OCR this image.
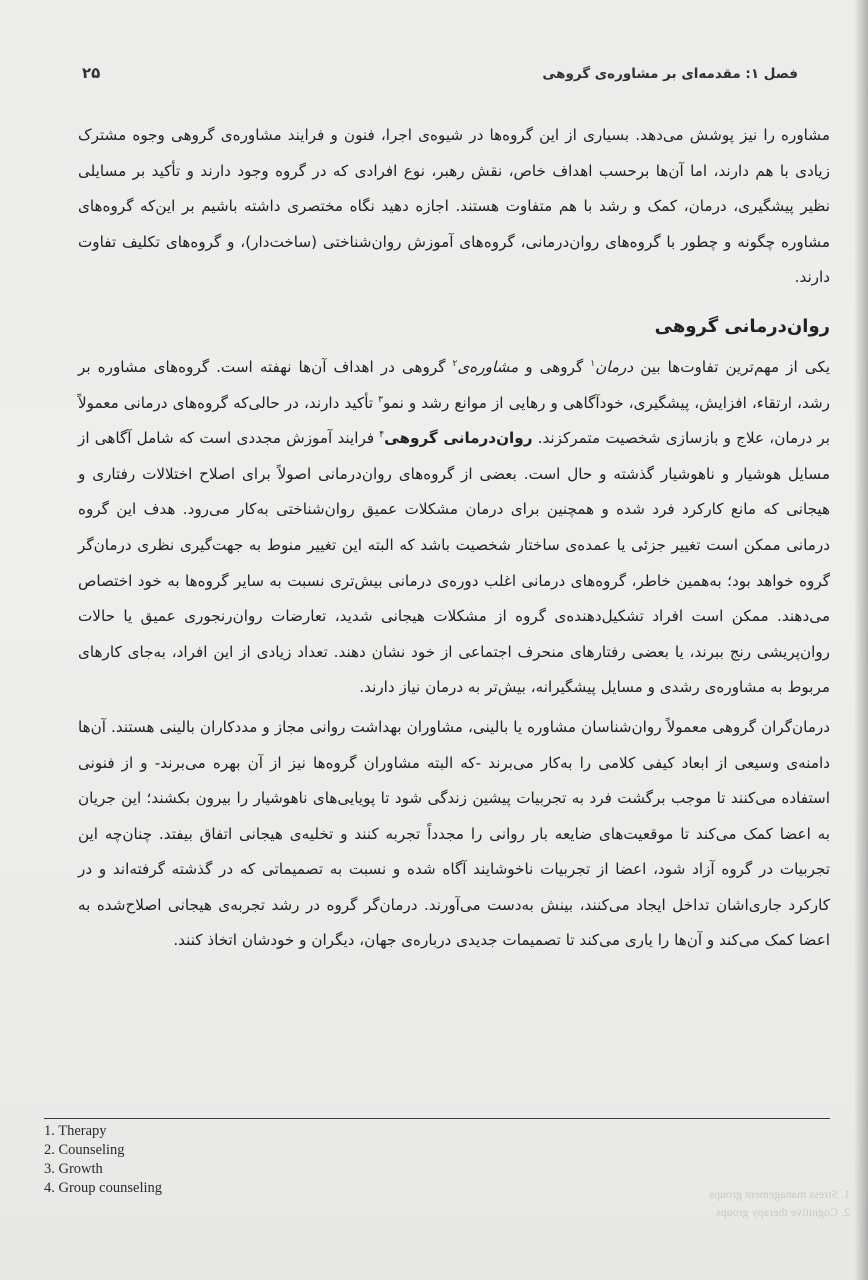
فصل ۱: مقدمه‌ای بر مشاوره‌ی گروهی
۲۵

مشاوره را نیز پوشش می‌دهد. بسیاری از این گروه‌ها در شیوه‌ی اجرا، فنون و فرایند مشاوره‌ی گروهی وجوه مشترک زیادی با هم دارند، اما آن‌ها برحسب اهداف خاص، نقش رهبر، نوع افرادی که در گروه وجود دارند و تأکید بر مسایلی نظیر پیشگیری، درمان، کمک و رشد با هم متفاوت هستند. اجازه دهید نگاه مختصری داشته باشیم بر این‌که گروه‌های مشاوره چگونه و چطور با گروه‌های روان‌درمانی، گروه‌های آموزش روان‌شناختی (ساخت‌دار)، و گروه‌های تکلیف تفاوت دارند.

روان‌درمانی گروهی

یکی از مهم‌ترین تفاوت‌ها بین درمان$^۱$ گروهی و مشاوره‌ی$^۲$ گروهی در اهداف آن‌ها نهفته است. گروه‌های مشاوره بر رشد، ارتقاء، افزایش، پیشگیری، خودآگاهی و رهایی از موانع رشد و نمو$^۳$ تأکید دارند، در حالی‌که گروه‌های درمانی معمولاً بر درمان، علاج و بازسازی شخصیت متمرکزند. روان‌درمانی گروهی$^۴$ فرایند آموزش مجددی است که شامل آگاهی از مسایل هوشیار و ناهوشیار گذشته و حال است. بعضی از گروه‌های روان‌درمانی اصولاً برای اصلاح اختلالات رفتاری و هیجانی که مانع کارکرد فرد شده و همچنین برای درمان مشکلات عمیق روان‌شناختی به‌کار می‌رود. هدف این گروه درمانی ممکن است تغییر جزئی یا عمده‌ی ساختار شخصیت باشد که البته این تغییر منوط به جهت‌گیری نظری درمان‌گر گروه خواهد بود؛ به‌همین خاطر، گروه‌های درمانی اغلب دوره‌ی درمانی بیش‌تری نسبت به سایر گروه‌ها به خود اختصاص می‌دهند. ممکن است افراد تشکیل‌دهنده‌ی گروه از مشکلات هیجانی شدید، تعارضات روان‌رنجوری عمیق یا حالات روان‌پریشی رنج ببرند، یا بعضی رفتارهای منحرف اجتماعی از خود نشان دهند. تعداد زیادی از این افراد، به‌جای کارهای مربوط به مشاوره‌ی رشدی و مسایل پیشگیرانه، بیش‌تر به درمان نیاز دارند.

درمان‌گران گروهی معمولاً روان‌شناسان مشاوره یا بالینی، مشاوران بهداشت روانی مجاز و مددکاران بالینی هستند. آن‌ها دامنه‌ی وسیعی از ابعاد کیفی کلامی را به‌کار می‌برند -که البته مشاوران گروه‌ها نیز از آن بهره می‌برند- و از فنونی استفاده می‌کنند تا موجب برگشت فرد به تجربیات پیشین زندگی شود تا پویایی‌های ناهوشیار را بیرون بکشند؛ این جریان به اعضا کمک می‌کند تا موقعیت‌های ضایعه بار روانی را مجدداً تجربه کنند و تخلیه‌ی هیجانی اتفاق بیفتد. چنان‌چه این تجربیات در گروه آزاد شود، اعضا از تجربیات ناخوشایند آگاه شده و نسبت به تصمیماتی که در گذشته گرفته‌اند و در کارکرد جاری‌اشان تداخل ایجاد می‌کنند، بینش به‌دست می‌آورند. درمان‌گر گروه در رشد تجربه‌ی هیجانی اصلاح‌شده به اعضا کمک می‌کند و آن‌ها را یاری می‌کند تا تصمیمات جدیدی درباره‌ی جهان، دیگران و خودشان اتخاذ کنند.

1. Therapy
2. Counseling
3. Growth
4. Group counseling	1. Stress management groups
2. Cognitive therapy groups
